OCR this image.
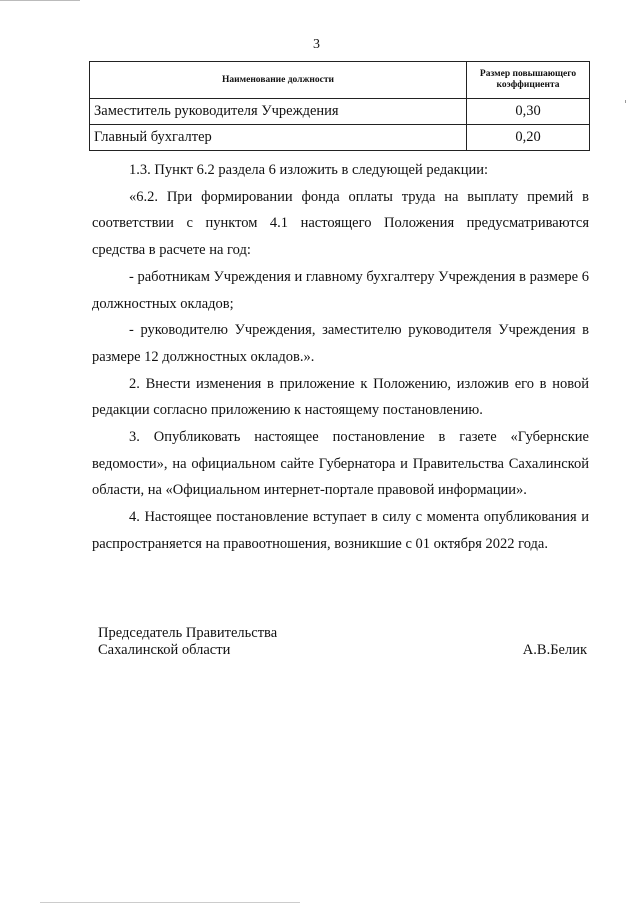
3
Наименование должности	Размер повышающего коэффициента
Заместитель руководителя Учреждения	0,30
Главный бухгалтер	0,20

1.3. Пункт 6.2 раздела 6 изложить в следующей редакции:

«6.2. При формировании фонда оплаты труда на выплату премий в соответствии с пунктом 4.1 настоящего Положения предусматриваются средства в расчете на год:

- работникам Учреждения и главному бухгалтеру Учреждения в размере 6 должностных окладов;

- руководителю Учреждения, заместителю руководителя Учреждения в размере 12 должностных окладов.».

2. Внести изменения в приложение к Положению, изложив его в новой редакции согласно приложению к настоящему постановлению.

3. Опубликовать настоящее постановление в газете «Губернские ведомости», на официальном сайте Губернатора и Правительства Сахалинской области, на «Официальном интернет-портале правовой информации».

4. Настоящее постановление вступает в силу с момента опубликования и распространяется на правоотношения, возникшие с 01 октября 2022 года.

Председатель Правительства
Сахалинской области	А.В.Белик
